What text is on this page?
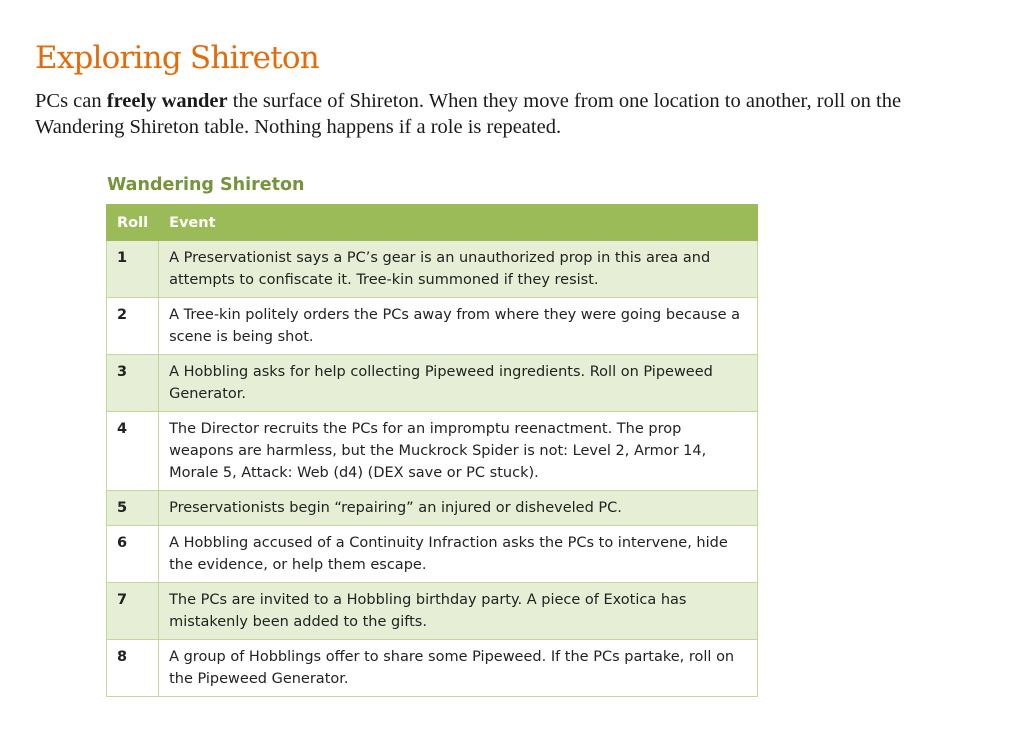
Exploring Shireton

PCs can freely wander the surface of Shireton. When they move from one location to another, roll on the Wandering Shireton table. Nothing happens if a role is repeated.

Wandering Shireton
Roll	Event
1	A Preservationist says a PC’s gear is an unauthorized prop in this area and attempts to confiscate it. Tree-kin summoned if they resist.
2	A Tree-kin politely orders the PCs away from where they were going because a scene is being shot.
3	A Hobbling asks for help collecting Pipeweed ingredients. Roll on Pipeweed Generator.
4	The Director recruits the PCs for an impromptu reenactment. The prop weapons are harmless, but the Muckrock Spider is not: Level 2, Armor 14, Morale 5, Attack: Web (d4) (DEX save or PC stuck).
5	Preservationists begin “repairing” an injured or disheveled PC.
6	A Hobbling accused of a Continuity Infraction asks the PCs to intervene, hide the evidence, or help them escape.
7	The PCs are invited to a Hobbling birthday party. A piece of Exotica has mistakenly been added to the gifts.
8	A group of Hobblings offer to share some Pipeweed. If the PCs partake, roll on the Pipeweed Generator.
